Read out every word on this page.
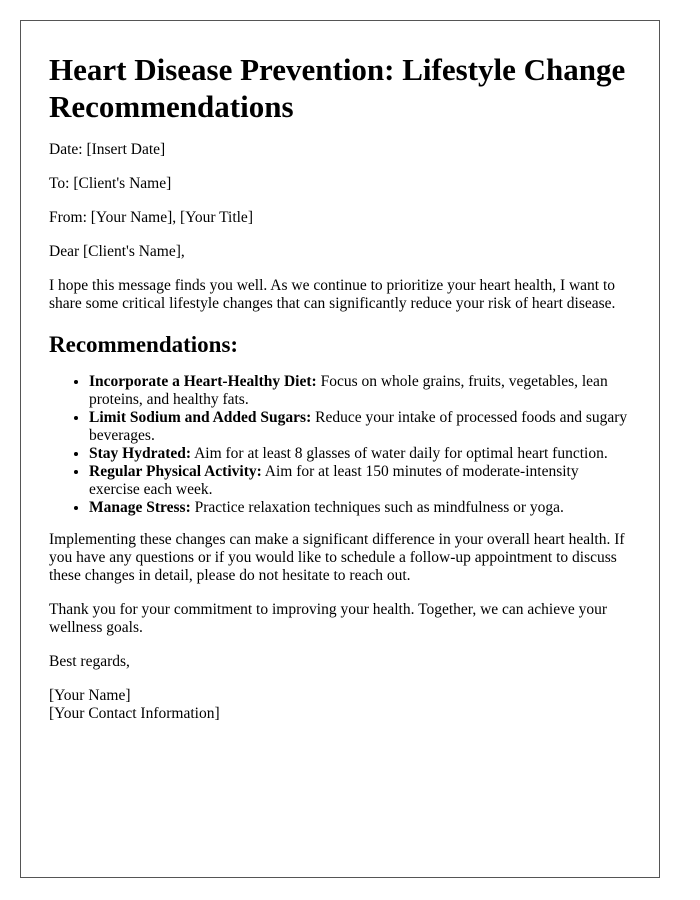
Heart Disease Prevention: Lifestyle Change Recommendations

Date: [Insert Date]

To: [Client's Name]

From: [Your Name], [Your Title]

Dear [Client's Name],

I hope this message finds you well. As we continue to prioritize your heart health, I want to share some critical lifestyle changes that can significantly reduce your risk of heart disease.

Recommendations:
• Incorporate a Heart-Healthy Diet: Focus on whole grains, fruits, vegetables, lean proteins, and healthy fats.
• Limit Sodium and Added Sugars: Reduce your intake of processed foods and sugary beverages.
• Stay Hydrated: Aim for at least 8 glasses of water daily for optimal heart function.
• Regular Physical Activity: Aim for at least 150 minutes of moderate-intensity exercise each week.
• Manage Stress: Practice relaxation techniques such as mindfulness or yoga.

Implementing these changes can make a significant difference in your overall heart health. If you have any questions or if you would like to schedule a follow-up appointment to discuss these changes in detail, please do not hesitate to reach out.

Thank you for your commitment to improving your health. Together, we can achieve your wellness goals.

Best regards,

[Your Name]

[Your Contact Information]
